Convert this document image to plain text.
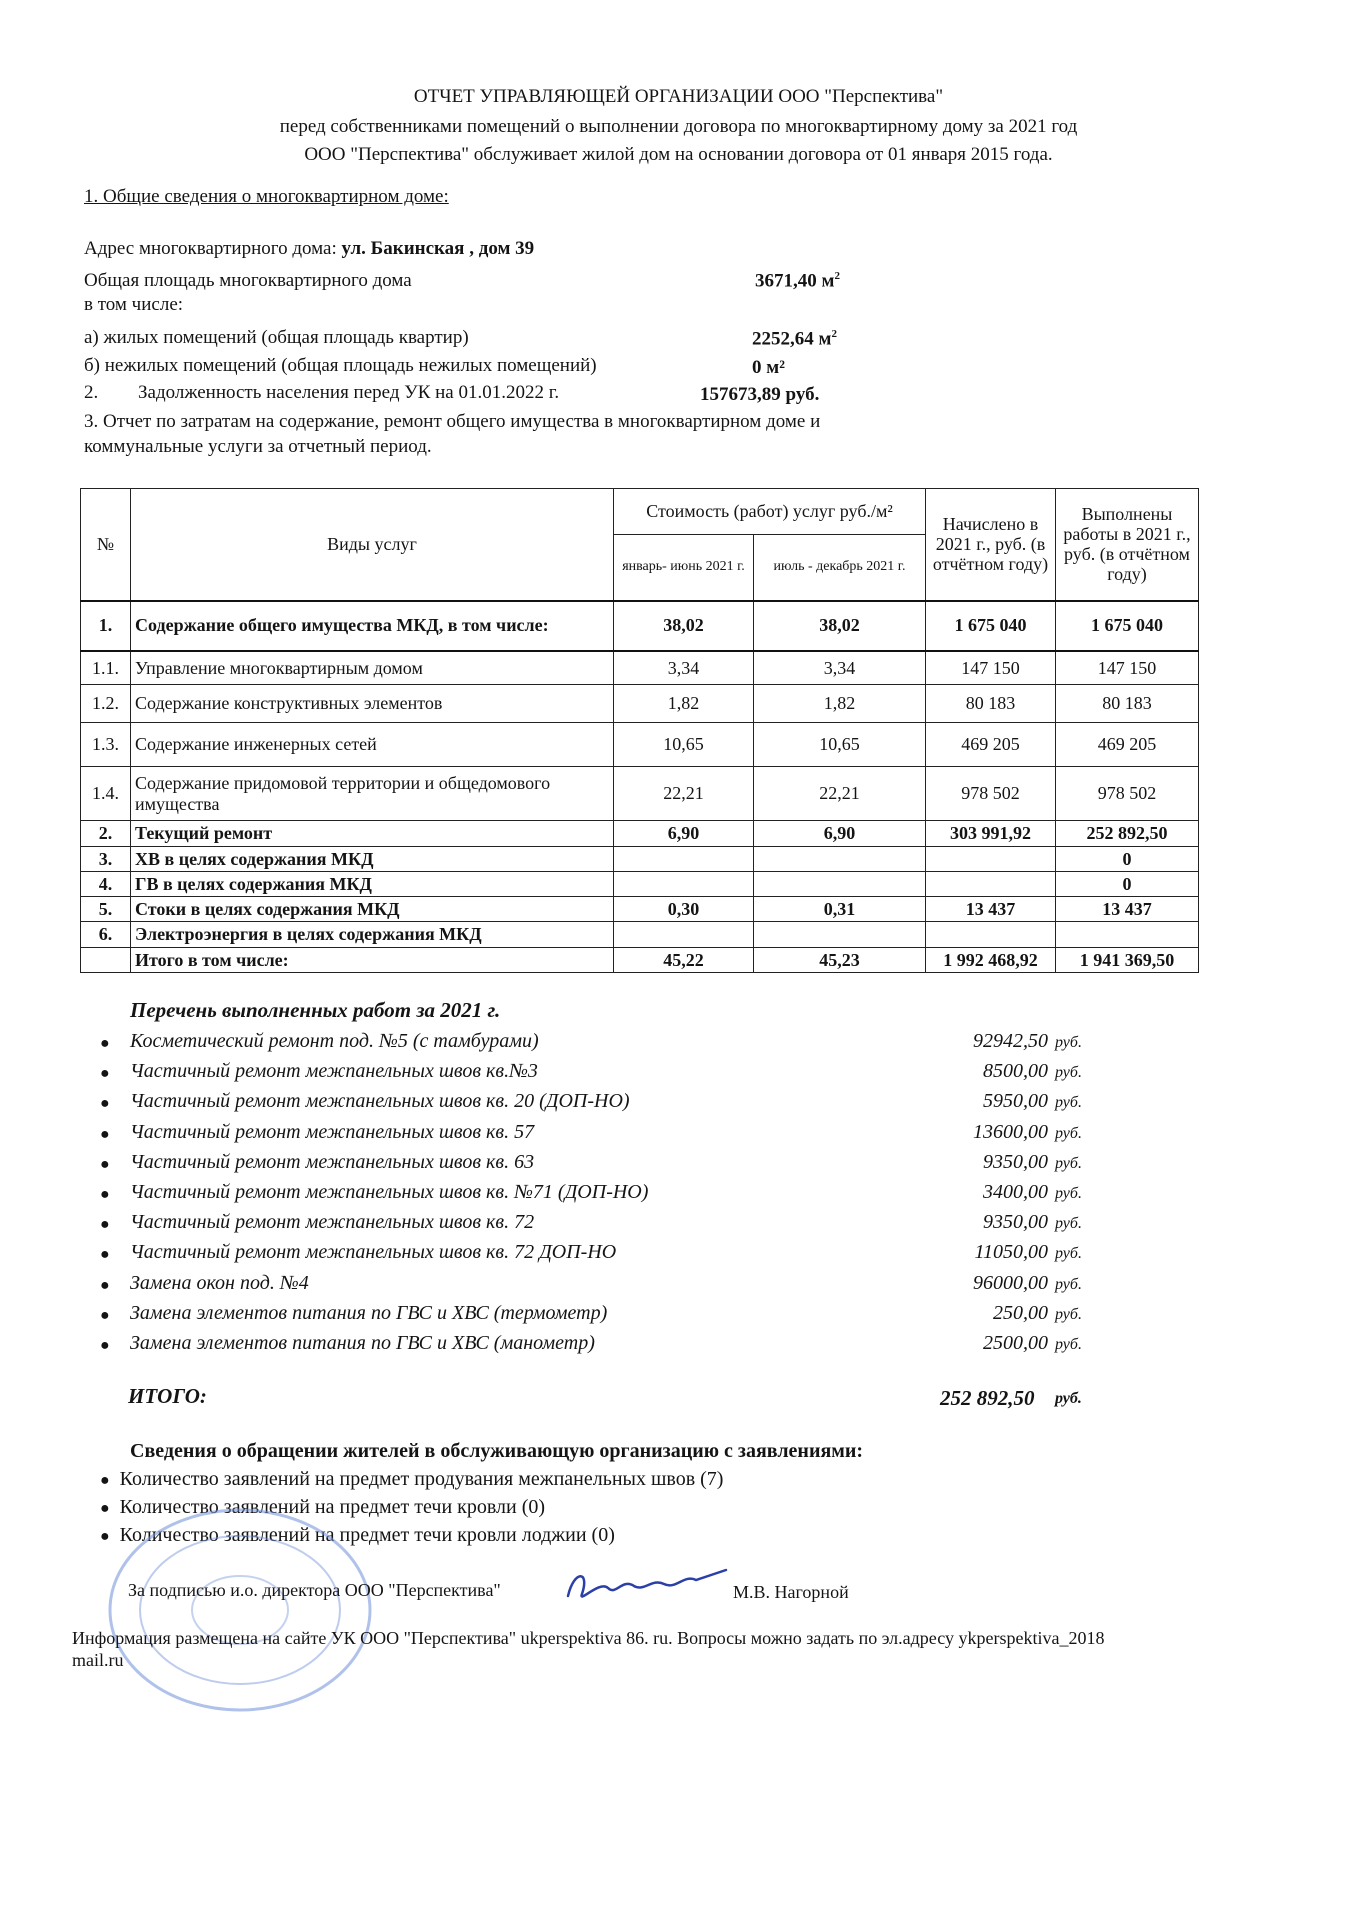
ОТЧЕТ УПРАВЛЯЮЩЕЙ ОРГАНИЗАЦИИ ООО "Перспектива"
перед собственниками помещений о выполнении договора по многоквартирному дому за 2021 год
ООО "Перспектива" обслуживает жилой дом на основании договора от 01 января 2015 года.
1. Общие сведения о многоквартирном доме:
Адрес многоквартирного дома: ул. Бакинская , дом 39
Общая площадь многоквартирного дома	3671,40 $м^2$
в том числе:
а) жилых помещений (общая площадь квартир)	2252,64 $м^2$
б) нежилых помещений (общая площадь нежилых помещений)	0 м²
2. Задолженность населения перед УК на 01.01.2022 г.	157673,89 руб.
3. Отчет по затратам на содержание, ремонт общего имущества в многоквартирном доме и
коммунальные услуги за отчетный период.
№	Виды услуг	Стоимость (работ) услуг руб./м²		Начислено в 2021 г., руб. (в отчётном году)	Выполнены работы в 2021 г., руб. (в отчётном году)
		январь- июнь 2021 г.	июль - декабрь 2021 г.		
1.	Содержание общего имущества МКД, в том числе:	38,02	38,02	1 675 040	1 675 040
1.1.	Управление многоквартирным домом	3,34	3,34	147 150	147 150
1.2.	Содержание конструктивных элементов	1,82	1,82	80 183	80 183
1.3.	Содержание инженерных сетей	10,65	10,65	469 205	469 205
1.4.	Содержание придомовой территории и общедомового имущества	22,21	22,21	978 502	978 502
2.	Текущий ремонт	6,90	6,90	303 991,92	252 892,50
3.	ХВ в целях содержания МКД				0
4.	ГВ в целях содержания МКД				0
5.	Стоки в целях содержания МКД	0,30	0,31	13 437	13 437
6.	Электроэнергия в целях содержания МКД				
	Итого в том числе:	45,22	45,23	1 992 468,92	1 941 369,50
Перечень выполненных работ за 2021 г.
● Косметический ремонт под. №5 (с тамбурами)	92942,50 руб.
● Частичный ремонт межпанельных швов кв.№3	8500,00 руб.
● Частичный ремонт межпанельных швов кв. 20 (ДОП-НО)	5950,00 руб.
● Частичный ремонт межпанельных швов кв. 57	13600,00 руб.
● Частичный ремонт межпанельных швов кв. 63	9350,00 руб.
● Частичный ремонт межпанельных швов кв. №71 (ДОП-НО)	3400,00 руб.
● Частичный ремонт межпанельных швов кв. 72	9350,00 руб.
● Частичный ремонт межпанельных швов кв. 72 ДОП-НО	11050,00 руб.
● Замена окон под. №4	96000,00 руб.
● Замена элементов питания по ГВС и ХВС (термометр)	250,00 руб.
● Замена элементов питания по ГВС и ХВС (манометр)	2500,00 руб.
ИТОГО:	252 892,50 руб.
Сведения о обращении жителей в обслуживающую организацию с заявлениями:
● Количество заявлений на предмет продувания межпанельных швов (7)
● Количество заявлений на предмет течи кровли (0)
● Количество заявлений на предмет течи кровли лоджии (0)
За подписью и.о. директора ООО "Перспектива"	М.В. Нагорной
Информация размещена на сайте УК ООО "Перспектива" ukperspektiva 86. ru. Вопросы можно задать по эл.адресу ykperspektiva_2018
mail.ru
